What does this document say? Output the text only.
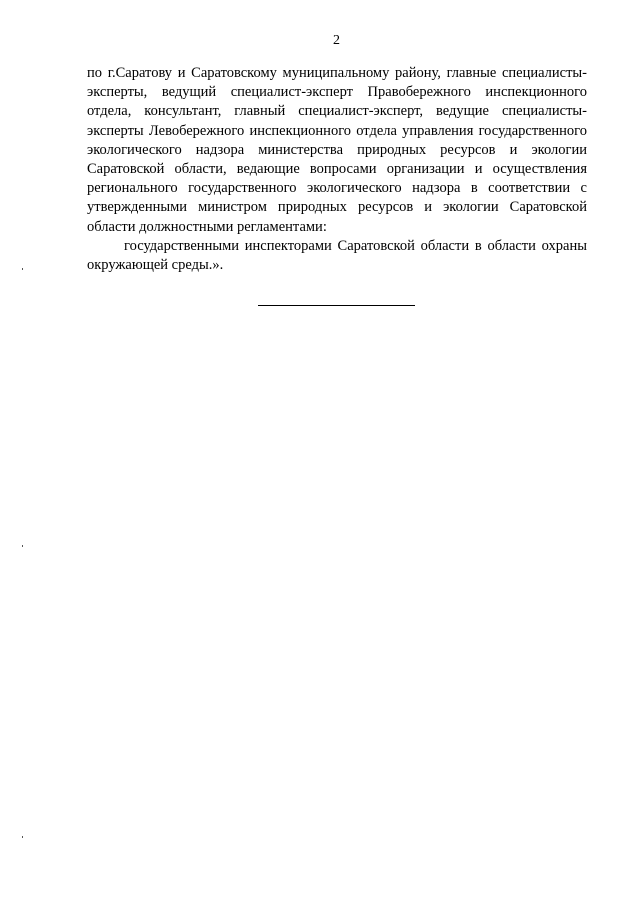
2

по г.Саратову и Саратовскому муниципальному району, главные специалисты-эксперты, ведущий специалист-эксперт Правобережного инспекционного отдела, консультант, главный специалист-эксперт, ведущие специалисты-эксперты Левобережного инспекционного отдела управления государственного экологического надзора министерства природных ресурсов и экологии Саратовской области, ведающие вопросами организации и осуществления регионального государственного экологического надзора в соответствии с утвержденными министром природных ресурсов и экологии Саратовской области должностными регламентами:

государственными инспекторами Саратовской области в области охраны окружающей среды.».
